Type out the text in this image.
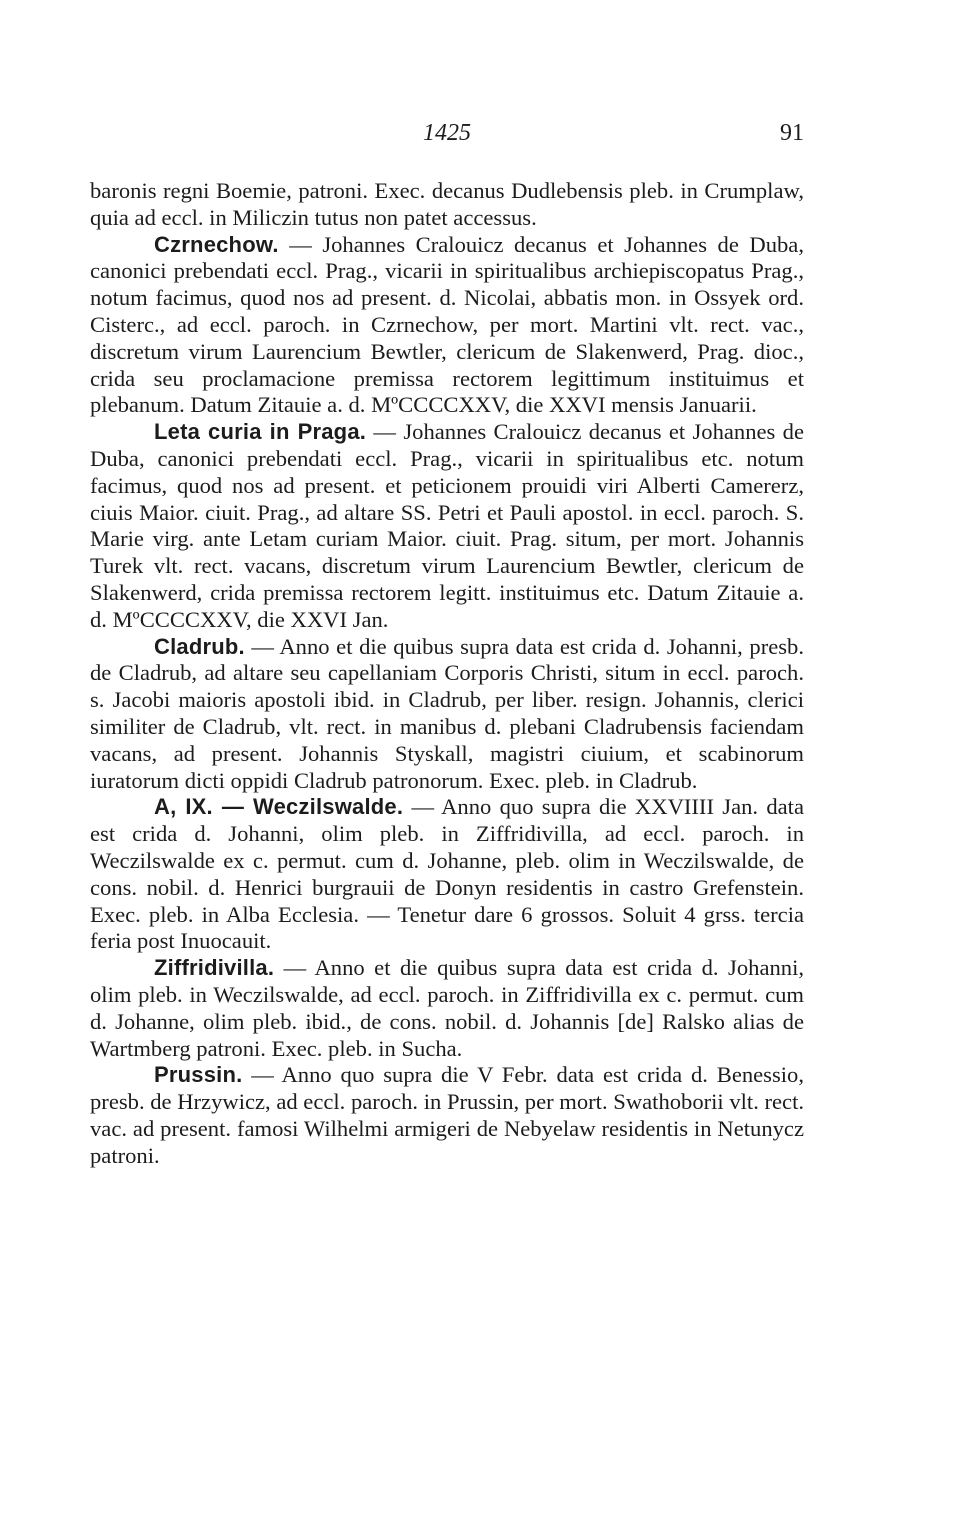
1425	91

baronis regni Boemie, patroni. Exec. decanus Dudlebensis pleb. in Crumplaw, quia ad eccl. in Miliczin tutus non patet accessus.

Czrnechow. — Johannes Cralouicz decanus et Johannes de Duba, canonici prebendati eccl. Prag., vicarii in spiritualibus archiepiscopatus Prag., notum facimus, quod nos ad present. d. Nicolai, abbatis mon. in Ossyek ord. Cisterc., ad eccl. paroch. in Czrnechow, per mort. Martini vlt. rect. vac., discretum virum Laurencium Bewtler, clericum de Slakenwerd, Prag. dioc., crida seu proclamacione premissa rectorem legittimum instituimus et plebanum. Datum Zitauie a. d. MºCCCCXXV, die XXVI mensis Januarii.

Leta curia in Praga. — Johannes Cralouicz decanus et Johannes de Duba, canonici prebendati eccl. Prag., vicarii in spiritualibus etc. notum facimus, quod nos ad present. et peticionem prouidi viri Alberti Camererz, ciuis Maior. ciuit. Prag., ad altare SS. Petri et Pauli apostol. in eccl. paroch. S. Marie virg. ante Letam curiam Maior. ciuit. Prag. situm, per mort. Johannis Turek vlt. rect. vacans, discretum virum Laurencium Bewtler, clericum de Slakenwerd, crida premissa rectorem legitt. instituimus etc. Datum Zitauie a. d. MºCCCCXXV, die XXVI Jan.

Cladrub. — Anno et die quibus supra data est crida d. Johanni, presb. de Cladrub, ad altare seu capellaniam Corporis Christi, situm in eccl. paroch. s. Jacobi maioris apostoli ibid. in Cladrub, per liber. resign. Johannis, clerici similiter de Cladrub, vlt. rect. in manibus d. plebani Cladrubensis faciendam vacans, ad present. Johannis Styskall, magistri ciuium, et scabinorum iuratorum dicti oppidi Cladrub patronorum. Exec. pleb. in Cladrub.

A, IX. — Weczilswalde. — Anno quo supra die XXVIIII Jan. data est crida d. Johanni, olim pleb. in Ziffridivilla, ad eccl. paroch. in Weczilswalde ex c. permut. cum d. Johanne, pleb. olim in Weczilswalde, de cons. nobil. d. Henrici burgrauii de Donyn residentis in castro Grefenstein. Exec. pleb. in Alba Ecclesia. — Tenetur dare 6 grossos. Soluit 4 grss. tercia feria post Inuocauit.

Ziffridivilla. — Anno et die quibus supra data est crida d. Johanni, olim pleb. in Weczilswalde, ad eccl. paroch. in Ziffridivilla ex c. permut. cum d. Johanne, olim pleb. ibid., de cons. nobil. d. Johannis [de] Ralsko alias de Wartmberg patroni. Exec. pleb. in Sucha.

Prussin. — Anno quo supra die V Febr. data est crida d. Benessio, presb. de Hrzywicz, ad eccl. paroch. in Prussin, per mort. Swathoborii vlt. rect. vac. ad present. famosi Wilhelmi armigeri de Nebyelaw residentis in Netunycz patroni.
